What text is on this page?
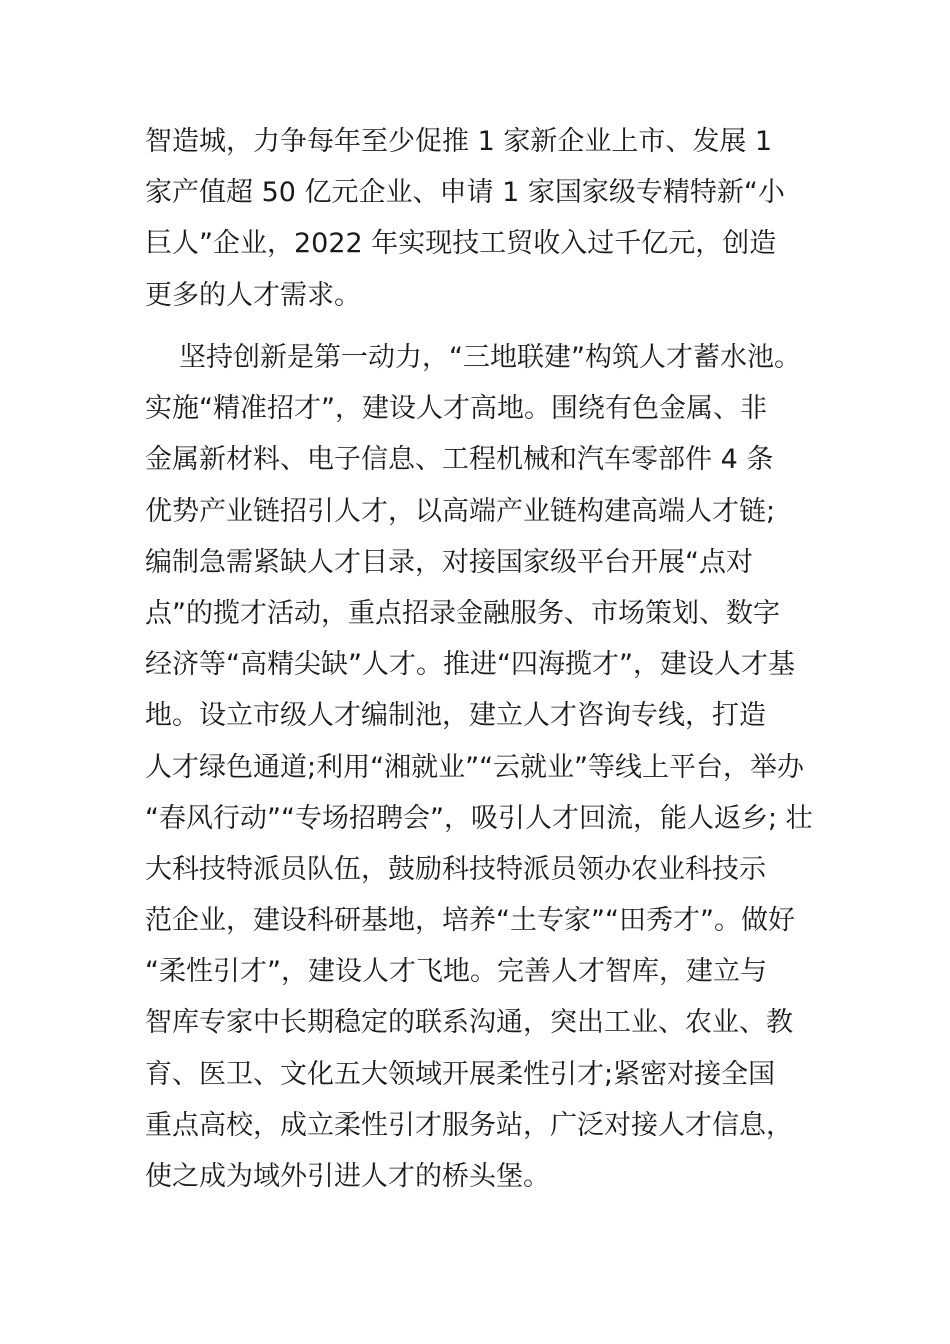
智造城，力争每年至少促推 1 家新企业上市、发展 1
家产值超 50 亿元企业、申请 1 家国家级专精特新“小
巨人”企业，2022 年实现技工贸收入过千亿元，创造
更多的人才需求。
坚持创新是第一动力，“三地联建”构筑人才蓄水池。
实施“精准招才”，建设人才高地。围绕有色金属、非
金属新材料、电子信息、工程机械和汽车零部件 4 条
优势产业链招引人才，以高端产业链构建高端人才链;
编制急需紧缺人才目录，对接国家级平台开展“点对
点”的揽才活动，重点招录金融服务、市场策划、数字
经济等“高精尖缺”人才。推进“四海揽才”，建设人才基
地。设立市级人才编制池，建立人才咨询专线，打造
人才绿色通道;利用“湘就业”“云就业”等线上平台，举办
“春风行动”“专场招聘会”，吸引人才回流，能人返乡; 壮
大科技特派员队伍，鼓励科技特派员领办农业科技示
范企业，建设科研基地，培养“土专家”“田秀才”。做好
“柔性引才”，建设人才飞地。完善人才智库，建立与
智库专家中长期稳定的联系沟通，突出工业、农业、教
育、医卫、文化五大领域开展柔性引才;紧密对接全国
重点高校，成立柔性引才服务站，广泛对接人才信息，
使之成为域外引进人才的桥头堡。
